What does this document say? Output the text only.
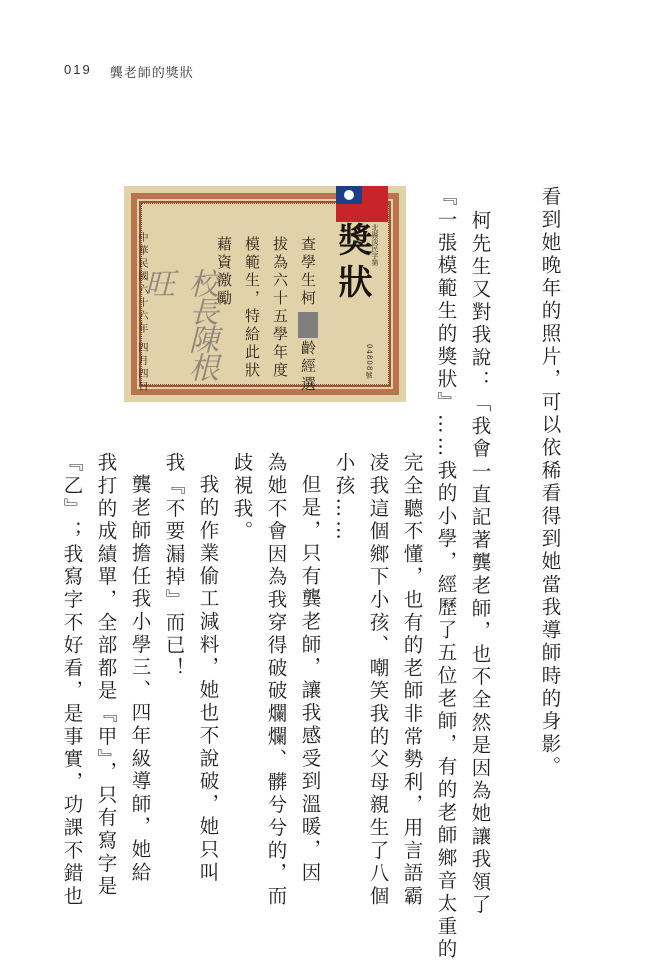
019 龔老師的獎狀
獎狀 北縣淡民字第
04808號
查學生柯
齡經選
拔為六十五學年度
模範生，特給此狀
藉資激勵
校長陳根旺
中華民國六十六年 四月四日	看到她晚年的照片，可以依稀看得到她當我導師時的身影。
柯先生又對我說：「我會一直記著龔老師，也不全然是因為她讓我領了
『一張模範生的獎狀』……我的小學，經歷了五位老師，有的老師鄉音太重的
完全聽不懂，也有的老師非常勢利，用言語霸
凌我這個鄉下小孩、嘲笑我的父母親生了八個
小孩……
但是，只有龔老師，讓我感受到溫暖，因
為她不會因為我穿得破破爛爛、髒兮兮的，而
歧視我。
我的作業偷工減料，她也不說破，她只叫
我『不要漏掉』而已！
龔老師擔任我小學三、四年級導師，她給
我打的成績單，全部都是『甲』，只有寫字是
『乙』；我寫字不好看，是事實，功課不錯也
